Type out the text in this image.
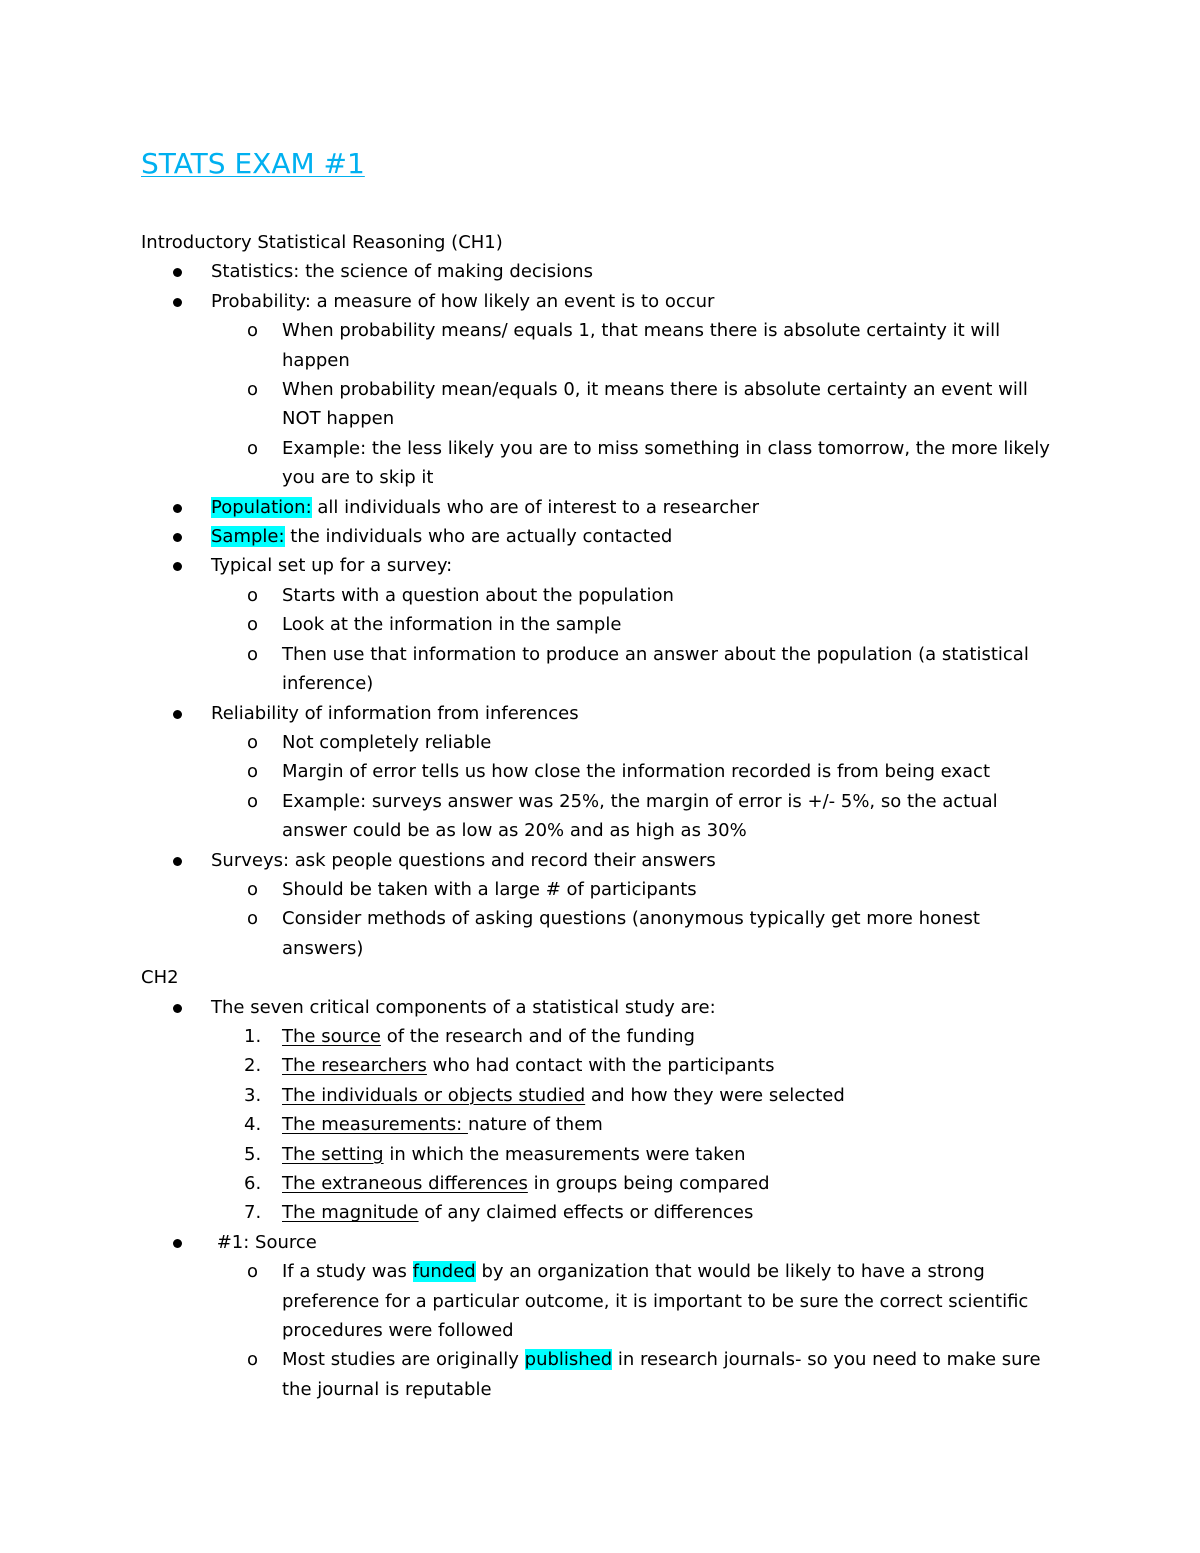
STATS EXAM #1

Introductory Statistical Reasoning (CH1)

Statistics: the science of making decisions
Probability: a measure of how likely an event is to occur
o When probability means/ equals 1, that means there is absolute certainty it will happen
o When probability mean/equals 0, it means there is absolute certainty an event will NOT happen
o Example: the less likely you are to miss something in class tomorrow, the more likely you are to skip it
Population: all individuals who are of interest to a researcher
Sample: the individuals who are actually contacted
Typical set up for a survey:
o Starts with a question about the population
o Look at the information in the sample
o Then use that information to produce an answer about the population (a statistical inference)
Reliability of information from inferences
o Not completely reliable
o Margin of error tells us how close the information recorded is from being exact
o Example: surveys answer was 25%, the margin of error is +/- 5%, so the actual answer could be as low as 20% and as high as 30%
Surveys: ask people questions and record their answers
o Should be taken with a large # of participants
o Consider methods of asking questions (anonymous typically get more honest answers)

CH2

The seven critical components of a statistical study are:
1. The source of the research and of the funding
2. The researchers who had contact with the participants
3. The individuals or objects studied and how they were selected
4. The measurements: nature of them
5. The setting in which the measurements were taken
6. The extraneous differences in groups being compared
7. The magnitude of any claimed effects or differences
#1: Source
o If a study was funded by an organization that would be likely to have a strong preference for a particular outcome, it is important to be sure the correct scientific procedures were followed
o Most studies are originally published in research journals- so you need to make sure the journal is reputable
